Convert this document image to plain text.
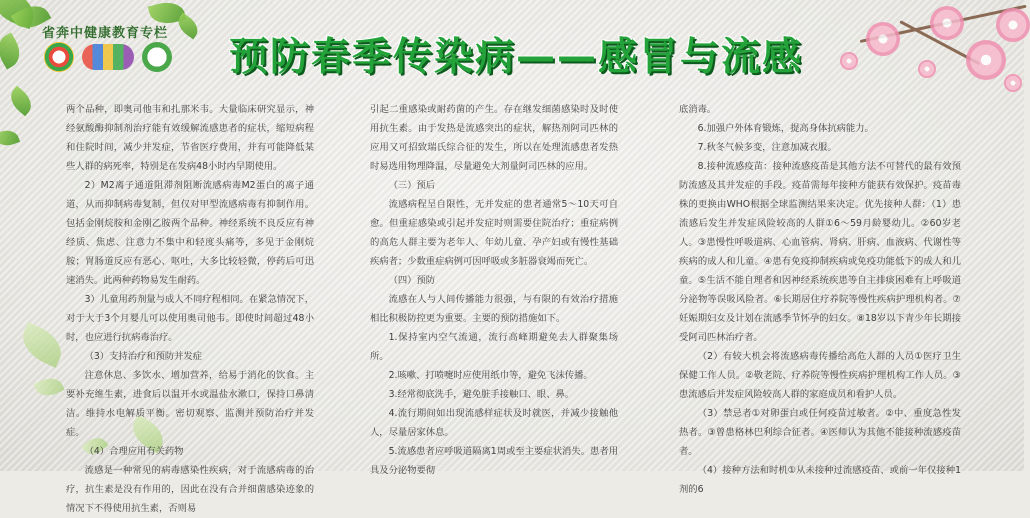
省奔中健康教育专栏
预防春季传染病——感冒与流感

两个品种，即奥司他韦和扎那米韦。大量临床研究显示，神经氨酸酶抑制剂治疗能有效缓解流感患者的症状，缩短病程和住院时间，减少并发症，节省医疗费用，并有可能降低某些人群的病死率，特别是在发病48小时内早期使用。

2）M2离子通道阻滞剂阻断流感病毒M2蛋白的离子通道，从而抑制病毒复制，但仅对甲型流感病毒有抑制作用。包括金刚烷胺和金刚乙胺两个品种。神经系统不良反应有神经质、焦虑、注意力不集中和轻度头痛等，多见于金刚烷胺；胃肠道反应有恶心、呕吐，大多比较轻微，停药后可迅速消失。此两种药物易发生耐药。

3）儿童用药剂量与成人不同疗程相同。在紧急情况下，对于大于3个月婴儿可以使用奥司他韦。即使时间超过48小时，也应进行抗病毒治疗。

（3）支持治疗和预防并发症

注意休息、多饮水、增加营养，给易于消化的饮食。主要补充维生素，进食后以温开水或温盐水漱口，保持口鼻清洁。维持水电解质平衡。密切观察、监测并预防治疗并发症。

（4）合理应用有关药物

流感是一种常见的病毒感染性疾病，对于流感病毒的治疗，抗生素是没有作用的，因此在没有合并细菌感染迹象的情况下不得使用抗生素，否则易

引起二重感染或耐药菌的产生。存在继发细菌感染时及时使用抗生素。由于发热是流感突出的症状，解热剂阿司匹林的应用又可招致瑞氏综合征的发生，所以在处理流感患者发热时易选用物理降温，尽量避免大剂量阿司匹林的应用。

（三）预后

流感病程呈自限性，无并发症的患者通常5～10天可自愈。但重症感染或引起并发症时则需要住院治疗；重症病例的高危人群主要为老年人、年幼儿童、孕产妇或有慢性基础疾病者；少数重症病例可因呼吸或多脏器衰竭而死亡。

（四）预防

流感在人与人间传播能力很强，与有限的有效治疗措施相比积极防控更为重要。主要的预防措施如下。

1.保持室内空气流通，流行高峰期避免去人群聚集场所。

2.咳嗽、打喷嚏时应使用纸巾等，避免飞沫传播。

3.经常彻底洗手，避免脏手接触口、眼、鼻。

4.流行期间如出现流感样症状及时就医，并减少接触他人，尽量居家休息。

5.流感患者应呼吸道隔离1周或至主要症状消失。患者用具及分泌物要彻

底消毒。

6.加强户外体育锻炼，提高身体抗病能力。

7.秋冬气候多变，注意加减衣服。

8.接种流感疫苗：接种流感疫苗是其他方法不可替代的最有效预防流感及其并发症的手段。疫苗需每年接种方能获有效保护。疫苗毒株的更换由WHO根据全球监测结果来决定。优先接种人群：（1）患流感后发生并发症风险较高的人群①6～59月龄婴幼儿。②60岁老人。③患慢性呼吸道病、心血管病、肾病、肝病、血液病、代谢性等疾病的成人和儿童。④患有免疫抑制疾病或免疫功能低下的成人和儿童。⑤生活不能自理者和因神经系统疾患等自主排痰困难有上呼吸道分泌物等误吸风险者。⑥长期居住疗养院等慢性疾病护理机构者。⑦妊娠期妇女及计划在流感季节怀孕的妇女。⑧18岁以下青少年长期接受阿司匹林治疗者。

（2）有较大机会将流感病毒传播给高危人群的人员①医疗卫生保健工作人员。②敬老院、疗养院等慢性疾病护理机构工作人员。③患流感后并发症风险较高人群的家庭成员和看护人员。

（3）禁忌者①对卵蛋白或任何疫苗过敏者。②中、重度急性发热者。③曾患格林巴利综合征者。④医师认为其他不能接种流感疫苗者。

（4）接种方法和时机①从未接种过流感疫苗、或前一年仅接种1剂的6
